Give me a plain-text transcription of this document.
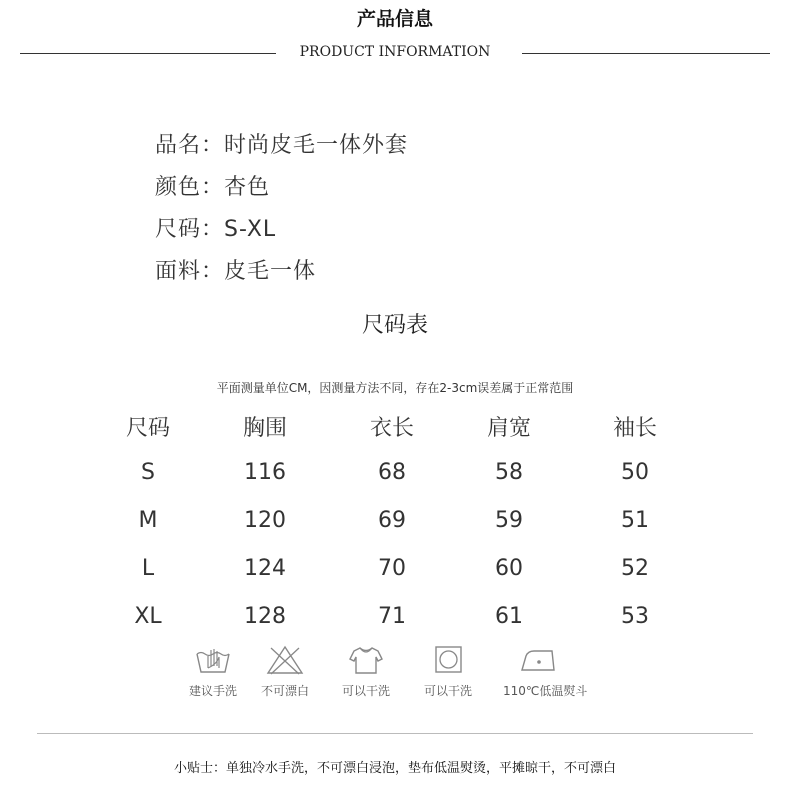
产品信息
PRODUCT INFORMATION
品名：时尚皮毛一体外套
颜色：杏色
尺码：S-XL
面料：皮毛一体
尺码表
平面测量单位CM，因测量方法不同，存在2-3cm误差属于正常范围
尺码	胸围	衣长	肩宽	袖长
S	116	68	58	50
M	120	69	59	51
L	124	70	60	52
XL	128	71	61	53
建议手洗	不可漂白	可以干洗	可以干洗	110℃低温熨斗
小贴士：单独冷水手洗，不可漂白浸泡，垫布低温熨烫，平摊晾干，不可漂白
